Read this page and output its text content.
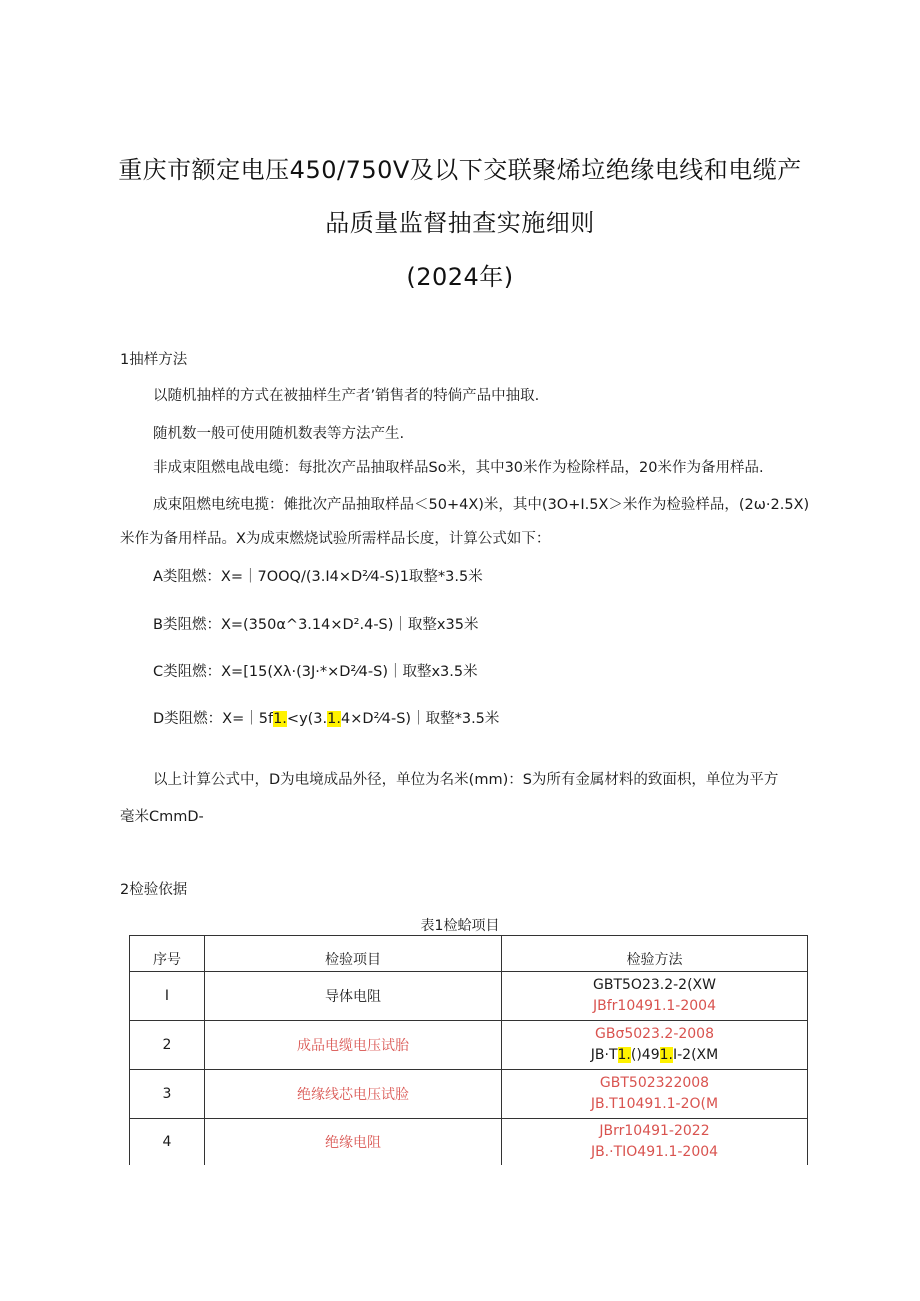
重庆市额定电压450/750V及以下交联聚烯垃绝缘电线和电缆产
品质量监督抽查实施细则
(2024年)
1抽样方法
以随机抽样的方式在被抽样生产者’销售者的特倘产品中抽取.
随机数一般可使用随机数表等方法产生.
非成束阻燃电战电缆：每批次产品抽取样品So米，其中30米作为检除样品，20米作为备用样品.
成束阻燃电统电揽：傩批次产品抽取样品＜50+4X)米，其中(3O+I.5X＞米作为检验样品，(2ω·2.5X)
米作为备用样品。X为成束燃烧试验所需样品长度，计算公式如下：
A类阻燃：X=｜7OOQ∕(3.I4×D²⁄4-S)1取整*3.5米
B类阻燃：X=(350α^3.14×D².4-S)｜取整x35米
C类阻燃：X=[15(Xλ·(3J·*×D²⁄4-S)｜取整x3.5米
D类阻燃：X=｜5f1.<y(3.1.4×D²⁄4-S)｜取整*3.5米
以上计算公式中，D为电境成品外径，单位为名米(mm)：S为所有金属材料的致面枳，单位为平方
毫米CmmD-
2检验依据
表1检蛤项目
序号	检验项目	检验方法
I	导体电阻	GBT5O23.2-2(XW
JBfr10491.1-2004

2	成品电缆电压试胎	GBσ5023.2-2008
JB·T1.()491.I-2(XM

3	绝缘线芯电压试脸	GBT502322008
JB.T10491.1-2O(M

4	绝缘电阻	JBrr10491-2022
JB.·TIO491.1-2004
